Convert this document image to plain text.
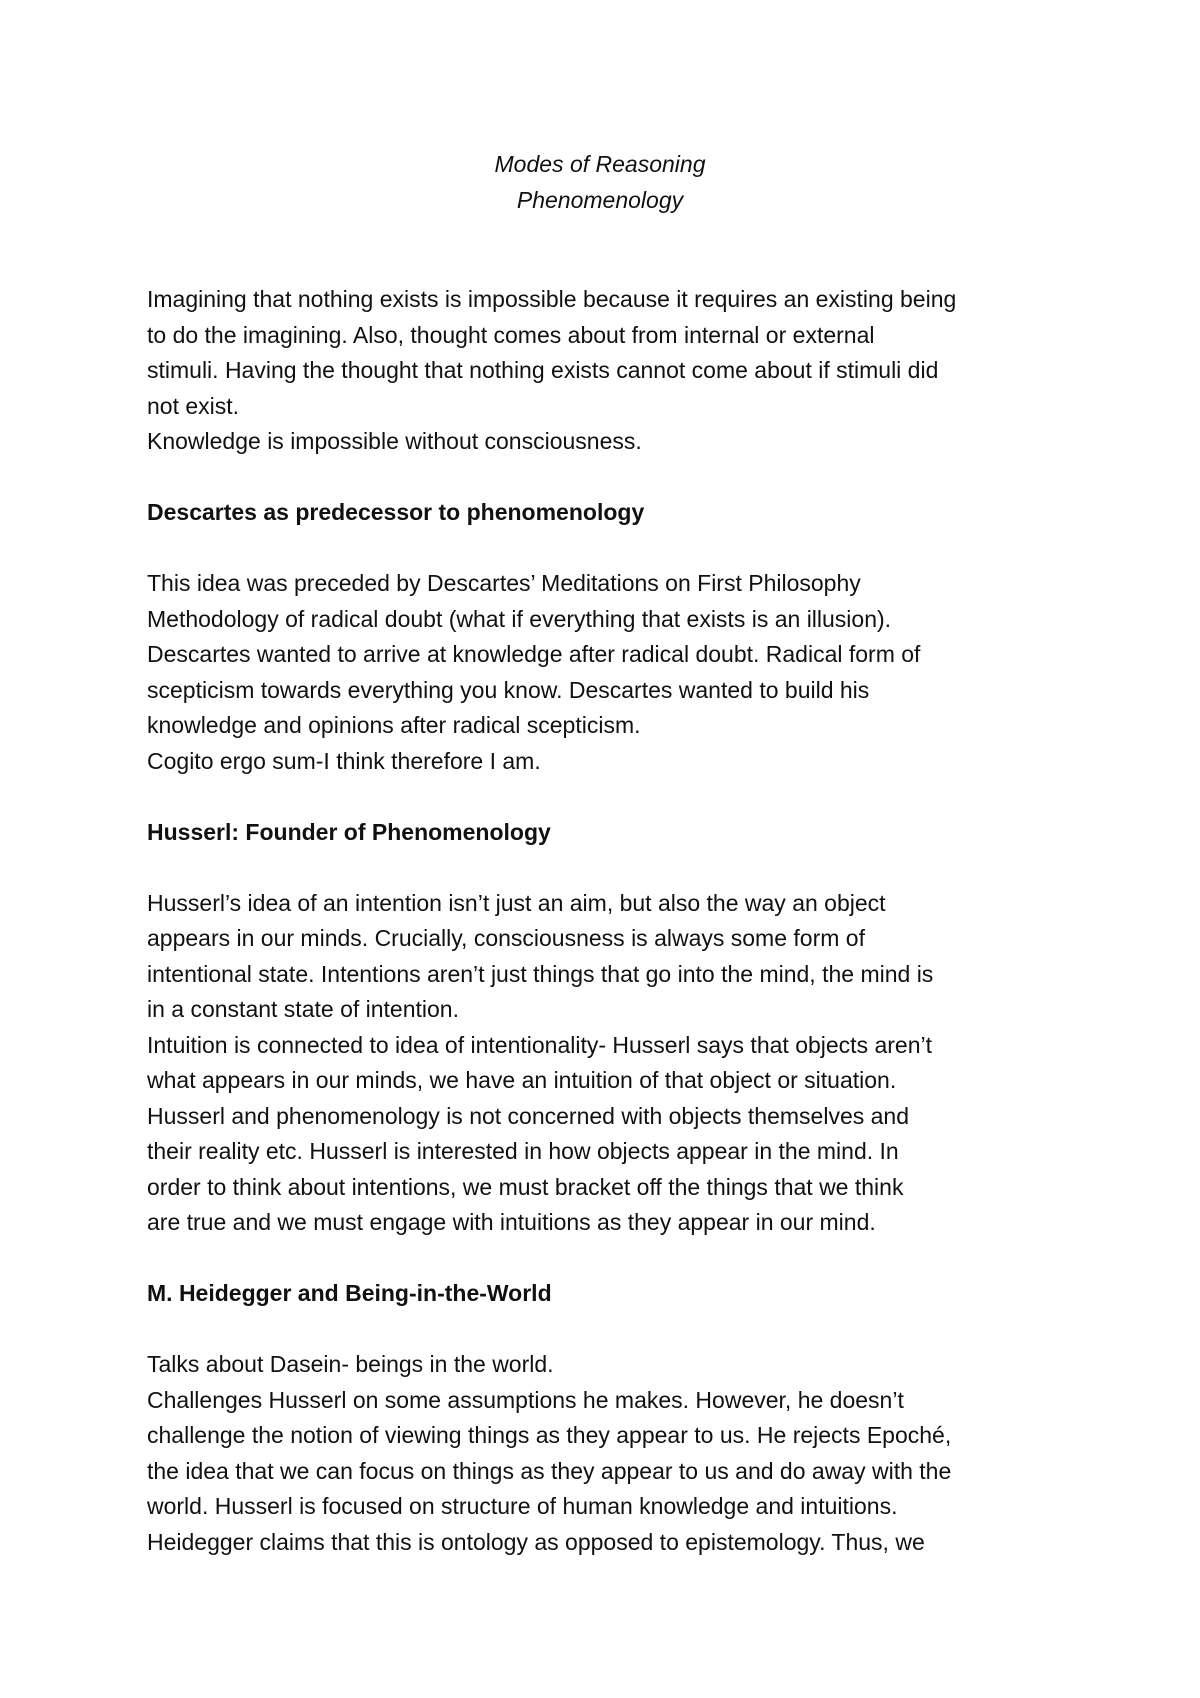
Modes of Reasoning
Phenomenology
Imagining that nothing exists is impossible because it requires an existing being
to do the imagining. Also, thought comes about from internal or external
stimuli. Having the thought that nothing exists cannot come about if stimuli did
not exist.
Knowledge is impossible without consciousness.
Descartes as predecessor to phenomenology
This idea was preceded by Descartes’ Meditations on First Philosophy
Methodology of radical doubt (what if everything that exists is an illusion).
Descartes wanted to arrive at knowledge after radical doubt. Radical form of
scepticism towards everything you know. Descartes wanted to build his
knowledge and opinions after radical scepticism.
Cogito ergo sum-I think therefore I am.
Husserl: Founder of Phenomenology
Husserl’s idea of an intention isn’t just an aim, but also the way an object
appears in our minds. Crucially, consciousness is always some form of
intentional state. Intentions aren’t just things that go into the mind, the mind is
in a constant state of intention.
Intuition is connected to idea of intentionality- Husserl says that objects aren’t
what appears in our minds, we have an intuition of that object or situation.
Husserl and phenomenology is not concerned with objects themselves and
their reality etc. Husserl is interested in how objects appear in the mind. In
order to think about intentions, we must bracket off the things that we think
are true and we must engage with intuitions as they appear in our mind.
M. Heidegger and Being-in-the-World
Talks about Dasein- beings in the world.
Challenges Husserl on some assumptions he makes. However, he doesn’t
challenge the notion of viewing things as they appear to us. He rejects Epoché,
the idea that we can focus on things as they appear to us and do away with the
world. Husserl is focused on structure of human knowledge and intuitions.
Heidegger claims that this is ontology as opposed to epistemology. Thus, we
